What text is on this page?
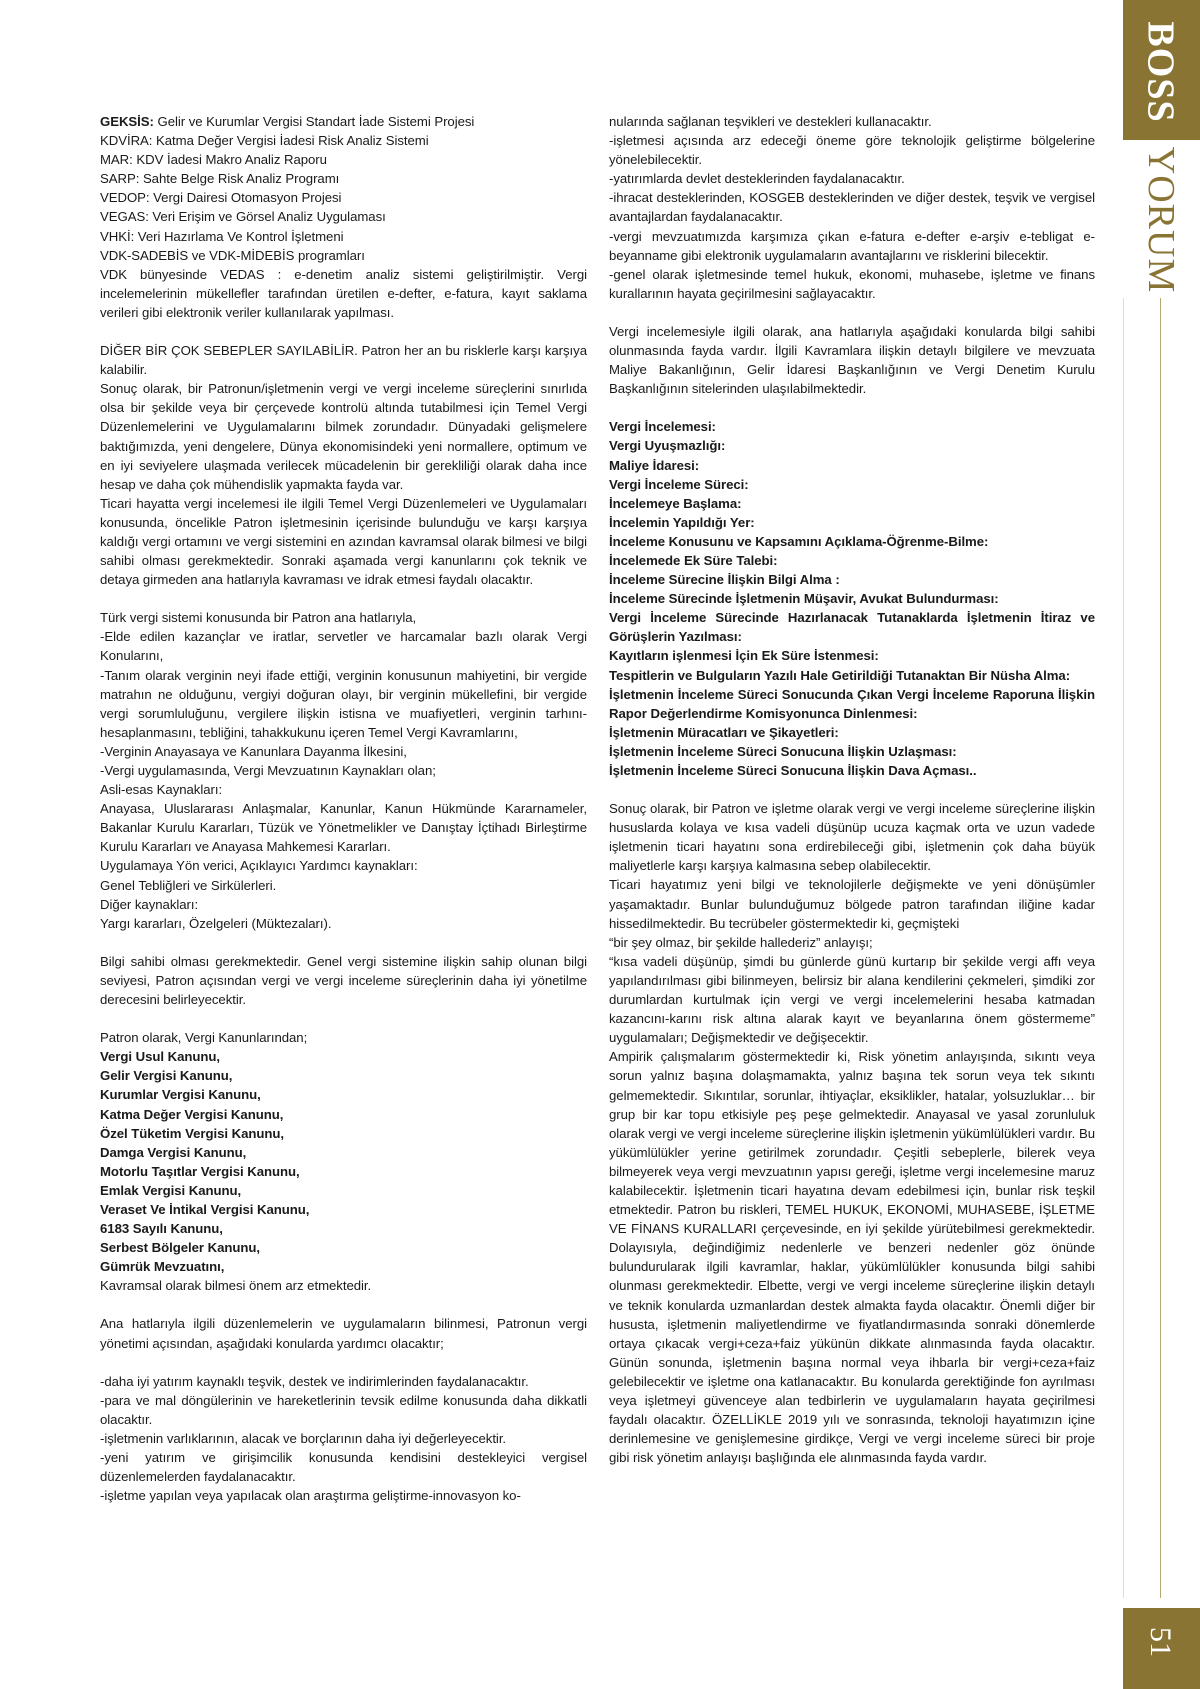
GEKSİS: Gelir ve Kurumlar Vergisi Standart İade Sistemi Projesi
KDVİRA: Katma Değer Vergisi İadesi Risk Analiz Sistemi
MAR: KDV İadesi Makro Analiz Raporu
SARP: Sahte Belge Risk Analiz Programı
VEDOP: Vergi Dairesi Otomasyon Projesi
VEGAS: Veri Erişim ve Görsel Analiz Uygulaması
VHKİ: Veri Hazırlama Ve Kontrol İşletmeni
VDK-SADEBİS ve VDK-MİDEBİS programları

VDK bünyesinde VEDAS : e-denetim analiz sistemi geliştirilmiştir. Vergi incelemelerinin mükellefler tarafından üretilen e-defter, e-fatura, kayıt saklama verileri gibi elektronik veriler kullanılarak yapılması.

DİĞER BİR ÇOK SEBEPLER SAYILABİLİR. Patron her an bu risklerle karşı karşıya kalabilir.

Sonuç olarak, bir Patronun/işletmenin vergi ve vergi inceleme süreçlerini sınırlıda olsa bir şekilde veya bir çerçevede kontrolü altında tutabilmesi için Temel Vergi Düzenlemelerini ve Uygulamalarını bilmek zorundadır. Dünyadaki gelişmelere baktığımızda, yeni dengelere, Dünya ekonomisindeki yeni normallere, optimum ve en iyi seviyelere ulaşmada verilecek mücadelenin bir gerekliliği olarak daha ince hesap ve daha çok mühendislik yapmakta fayda var.

Ticari hayatta vergi incelemesi ile ilgili Temel Vergi Düzenlemeleri ve Uygulamaları konusunda, öncelikle Patron işletmesinin içerisinde bulunduğu ve karşı karşıya kaldığı vergi ortamını ve vergi sistemini en azından kavramsal olarak bilmesi ve bilgi sahibi olması gerekmektedir. Sonraki aşamada vergi kanunlarını çok teknik ve detaya girmeden ana hatlarıyla kavraması ve idrak etmesi faydalı olacaktır.

Türk vergi sistemi konusunda bir Patron ana hatlarıyla,

-Elde edilen kazançlar ve iratlar, servetler ve harcamalar bazlı olarak Vergi Konularını,

-Tanım olarak verginin neyi ifade ettiği, verginin konusunun mahiyetini, bir vergide matrahın ne olduğunu, vergiyi doğuran olayı, bir verginin mükellefini, bir vergide vergi sorumluluğunu, vergilere ilişkin istisna ve muafiyetleri, verginin tarhını-hesaplanmasını, tebliğini, tahakkukunu içeren Temel Vergi Kavramlarını,

-Verginin Anayasaya ve Kanunlara Dayanma İlkesini,

-Vergi uygulamasında, Vergi Mevzuatının Kaynakları olan;

Asli-esas Kaynakları:

Anayasa, Uluslararası Anlaşmalar, Kanunlar, Kanun Hükmünde Kararnameler, Bakanlar Kurulu Kararları, Tüzük ve Yönetmelikler ve Danıştay İçtihadı Birleştirme Kurulu Kararları ve Anayasa Mahkemesi Kararları.

Uygulamaya Yön verici, Açıklayıcı Yardımcı kaynakları:

Genel Tebliğleri ve Sirkülerleri.

Diğer kaynakları:

Yargı kararları, Özelgeleri (Müktezaları).

Bilgi sahibi olması gerekmektedir. Genel vergi sistemine ilişkin sahip olunan bilgi seviyesi, Patron açısından vergi ve vergi inceleme süreçlerinin daha iyi yönetilme derecesini belirleyecektir.

Patron olarak, Vergi Kanunlarından;

Vergi Usul Kanunu,

Gelir Vergisi Kanunu,

Kurumlar Vergisi Kanunu,

Katma Değer Vergisi Kanunu,

Özel Tüketim Vergisi Kanunu,

Damga Vergisi Kanunu,

Motorlu Taşıtlar Vergisi Kanunu,

Emlak Vergisi Kanunu,

Veraset Ve İntikal Vergisi Kanunu,

6183 Sayılı Kanunu,

Serbest Bölgeler Kanunu,

Gümrük Mevzuatını,

Kavramsal olarak bilmesi önem arz etmektedir.

Ana hatlarıyla ilgili düzenlemelerin ve uygulamaların bilinmesi, Patronun vergi yönetimi açısından, aşağıdaki konularda yardımcı olacaktır;

-daha iyi yatırım kaynaklı teşvik, destek ve indirimlerinden faydalanacaktır.

-para ve mal döngülerinin ve hareketlerinin tevsik edilme konusunda daha dikkatli olacaktır.

-işletmenin varlıklarının, alacak ve borçlarının daha iyi değerleyecektir.

-yeni yatırım ve girişimcilik konusunda kendisini destekleyici vergisel düzenlemelerden faydalanacaktır.

-işletme yapılan veya yapılacak olan araştırma geliştirme-innovasyon ko-

nularında sağlanan teşvikleri ve destekleri kullanacaktır.

-işletmesi açısında arz edeceği öneme göre teknolojik geliştirme bölgelerine yönelebilecektir.

-yatırımlarda devlet desteklerinden faydalanacaktır.

-ihracat desteklerinden, KOSGEB desteklerinden ve diğer destek, teşvik ve vergisel avantajlardan faydalanacaktır.

-vergi mevzuatımızda karşımıza çıkan e-fatura e-defter e-arşiv e-tebligat e-beyanname gibi elektronik uygulamaların avantajlarını ve risklerini bilecektir.

-genel olarak işletmesinde temel hukuk, ekonomi, muhasebe, işletme ve finans kurallarının hayata geçirilmesini sağlayacaktır.

Vergi incelemesiyle ilgili olarak, ana hatlarıyla aşağıdaki konularda bilgi sahibi olunmasında fayda vardır. İlgili Kavramlara ilişkin detaylı bilgilere ve mevzuata Maliye Bakanlığının, Gelir İdaresi Başkanlığının ve Vergi Denetim Kurulu Başkanlığının sitelerinden ulaşılabilmektedir.

Vergi İncelemesi:

Vergi Uyuşmazlığı:

Maliye İdaresi:

Vergi İnceleme Süreci:

İncelemeye Başlama:

İncelemin Yapıldığı Yer:

İnceleme Konusunu ve Kapsamını Açıklama-Öğrenme-Bilme:

İncelemede Ek Süre Talebi:

İnceleme Sürecine İlişkin Bilgi Alma :

İnceleme Sürecinde İşletmenin Müşavir, Avukat Bulundurması:

Vergi İnceleme Sürecinde Hazırlanacak Tutanaklarda İşletmenin İtiraz ve Görüşlerin Yazılması:

Kayıtların işlenmesi İçin Ek Süre İstenmesi:

Tespitlerin ve Bulguların Yazılı Hale Getirildiği Tutanaktan Bir Nüsha Alma:

İşletmenin İnceleme Süreci Sonucunda Çıkan Vergi İnceleme Raporuna İlişkin Rapor Değerlendirme Komisyonunca Dinlenmesi:

İşletmenin Müracatları ve Şikayetleri:

İşletmenin İnceleme Süreci Sonucuna İlişkin Uzlaşması:

İşletmenin İnceleme Süreci Sonucuna İlişkin Dava Açması..

Sonuç olarak, bir Patron ve işletme olarak vergi ve vergi inceleme süreçlerine ilişkin hususlarda kolaya ve kısa vadeli düşünüp ucuza kaçmak orta ve uzun vadede işletmenin ticari hayatını sona erdirebileceği gibi, işletmenin çok daha büyük maliyetlerle karşı karşıya kalmasına sebep olabilecektir.

Ticari hayatımız yeni bilgi ve teknolojilerle değişmekte ve yeni dönüşümler yaşamaktadır. Bunlar bulunduğumuz bölgede patron tarafından iliğine kadar hissedilmektedir. Bu tecrübeler göstermektedir ki, geçmişteki

“bir şey olmaz, bir şekilde hallederiz” anlayışı;

“kısa vadeli düşünüp, şimdi bu günlerde günü kurtarıp bir şekilde vergi affı veya yapılandırılması gibi bilinmeyen, belirsiz bir alana kendilerini çekmeleri, şimdiki zor durumlardan kurtulmak için vergi ve vergi incelemelerini hesaba katmadan kazancını-karını risk altına alarak kayıt ve beyanlarına önem göstermeme” uygulamaları; Değişmektedir ve değişecektir.

Ampirik çalışmalarım göstermektedir ki, Risk yönetim anlayışında, sıkıntı veya sorun yalnız başına dolaşmamakta, yalnız başına tek sorun veya tek sıkıntı gelmemektedir. Sıkıntılar, sorunlar, ihtiyaçlar, eksiklikler, hatalar, yolsuzluklar… bir grup bir kar topu etkisiyle peş peşe gelmektedir. Anayasal ve yasal zorunluluk olarak vergi ve vergi inceleme süreçlerine ilişkin işletmenin yükümlülükleri vardır. Bu yükümlülükler yerine getirilmek zorundadır. Çeşitli sebeplerle, bilerek veya bilmeyerek veya vergi mevzuatının yapısı gereği, işletme vergi incelemesine maruz kalabilecektir. İşletmenin ticari hayatına devam edebilmesi için, bunlar risk teşkil etmektedir. Patron bu riskleri, TEMEL HUKUK, EKONOMİ, MUHASEBE, İŞLETME VE FİNANS KURALLARI çerçevesinde, en iyi şekilde yürütebilmesi gerekmektedir. Dolayısıyla, değindiğimiz nedenlerle ve benzeri nedenler göz önünde bulundurularak ilgili kavramlar, haklar, yükümlülükler konusunda bilgi sahibi olunması gerekmektedir. Elbette, vergi ve vergi inceleme süreçlerine ilişkin detaylı ve teknik konularda uzmanlardan destek almakta fayda olacaktır. Önemli diğer bir hususta, işletmenin maliyetlendirme ve fiyatlandırmasında sonraki dönemlerde ortaya çıkacak vergi+ceza+faiz yükünün dikkate alınmasında fayda olacaktır. Günün sonunda, işletmenin başına normal veya ihbarla bir vergi+ceza+faiz gelebilecektir ve işletme ona katlanacaktır. Bu konularda gerektiğinde fon ayrılması veya işletmeyi güvenceye alan tedbirlerin ve uygulamaların hayata geçirilmesi faydalı olacaktır. ÖZELLİKLE 2019 yılı ve sonrasında, teknoloji hayatımızın içine derinlemesine ve genişlemesine girdikçe, Vergi ve vergi inceleme süreci bir proje gibi risk yönetim anlayışı başlığında ele alınmasında fayda vardır.

BOSS
YORUM
51
